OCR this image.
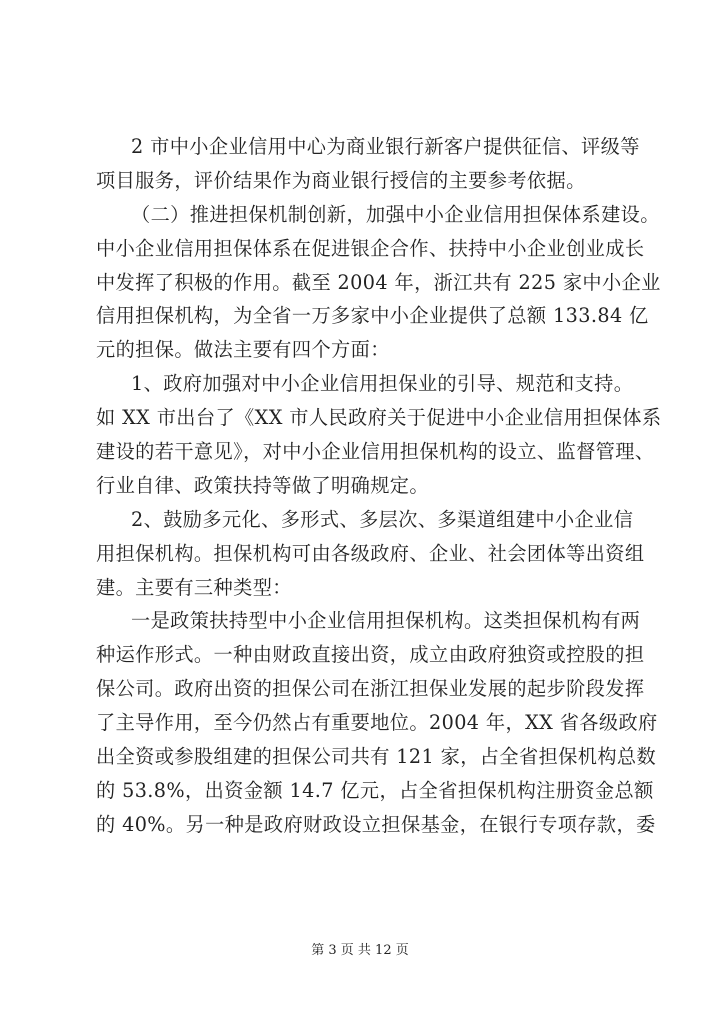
2 市中小企业信用中心为商业银行新客户提供征信、评级等
项目服务，评价结果作为商业银行授信的主要参考依据。
（二）推进担保机制创新，加强中小企业信用担保体系建设。
中小企业信用担保体系在促进银企合作、扶持中小企业创业成长
中发挥了积极的作用。截至 2004 年，浙江共有 225 家中小企业
信用担保机构，为全省一万多家中小企业提供了总额 133.84 亿
元的担保。做法主要有四个方面：
1、政府加强对中小企业信用担保业的引导、规范和支持。
如 XX 市出台了《XX 市人民政府关于促进中小企业信用担保体系
建设的若干意见》，对中小企业信用担保机构的设立、监督管理、
行业自律、政策扶持等做了明确规定。
2、鼓励多元化、多形式、多层次、多渠道组建中小企业信
用担保机构。担保机构可由各级政府、企业、社会团体等出资组
建。主要有三种类型：
一是政策扶持型中小企业信用担保机构。这类担保机构有两
种运作形式。一种由财政直接出资，成立由政府独资或控股的担
保公司。政府出资的担保公司在浙江担保业发展的起步阶段发挥
了主导作用，至今仍然占有重要地位。2004 年，XX 省各级政府
出全资或参股组建的担保公司共有 121 家，占全省担保机构总数
的 53.8%，出资金额 14.7 亿元，占全省担保机构注册资金总额
的 40%。另一种是政府财政设立担保基金，在银行专项存款，委
第 3 页 共 12 页
